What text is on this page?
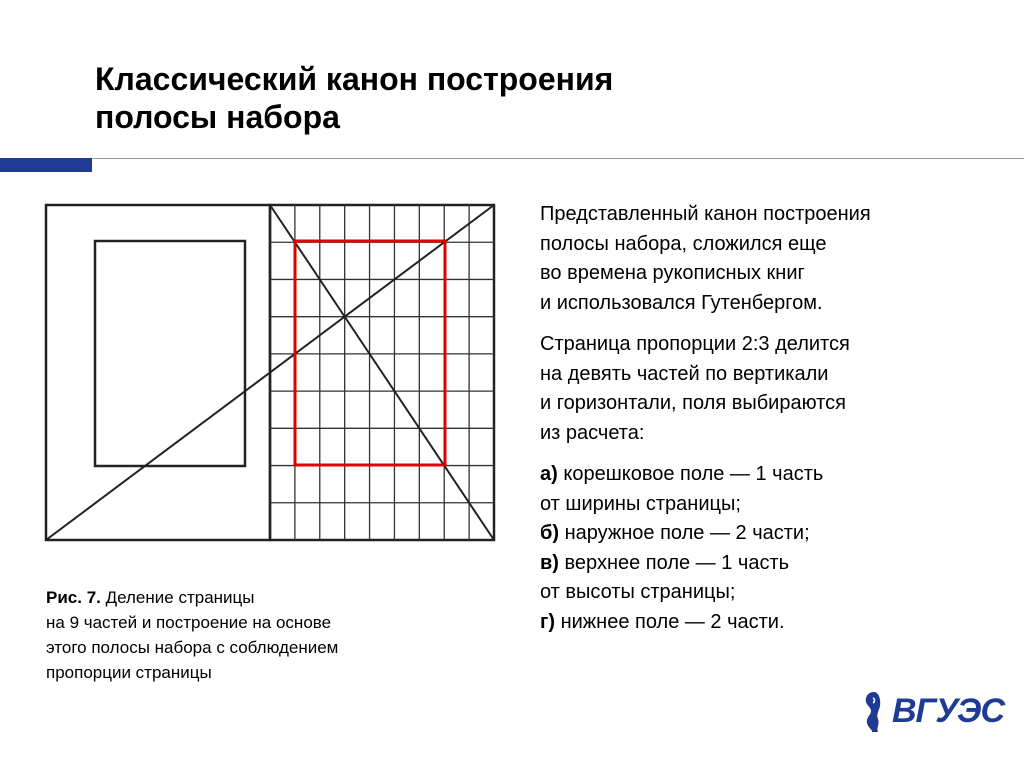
Классический канон построения
полосы набора
Рис. 7. Деление страницы
на 9 частей и построение на основе
этого полосы набора с соблюдением
пропорции страницы

Представленный канон построения
полосы набора, сложился еще
во времена рукописных книг
и использовался Гутенбергом.

Страница пропорции 2:3 делится
на девять частей по вертикали
и горизонтали, поля выбираются
из расчета:

а) корешковое поле — 1 часть
от ширины страницы;
б) наружное поле — 2 части;
в) верхнее поле — 1 часть
от высоты страницы;
г) нижнее поле — 2 части.

ВГУЭС
